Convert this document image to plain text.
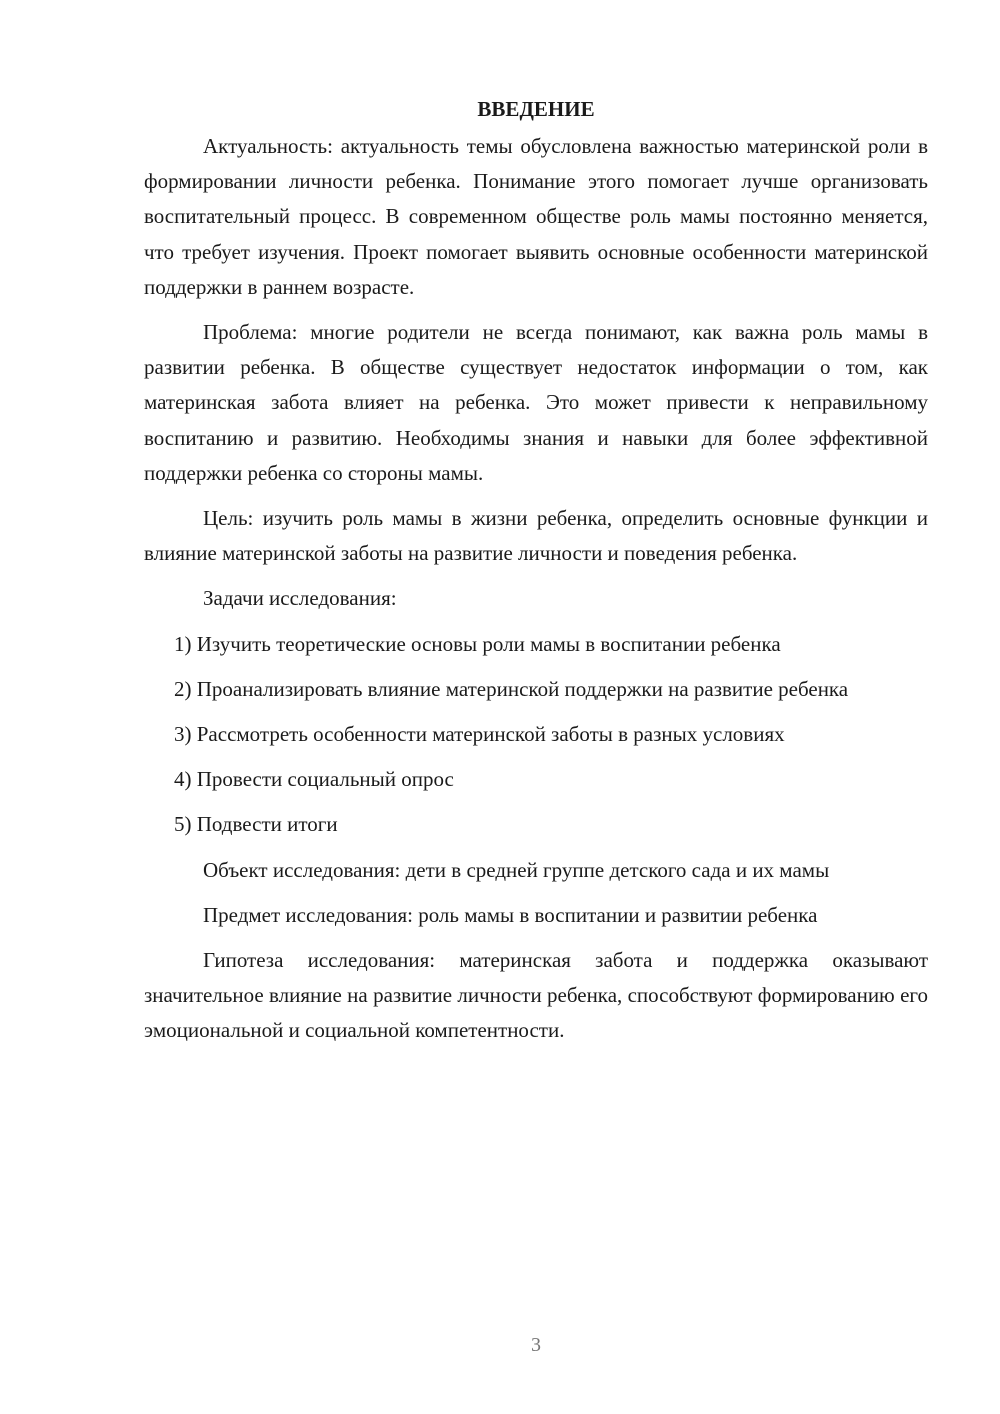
ВВЕДЕНИЕ

Актуальность: актуальность темы обусловлена важностью материнской роли в формировании личности ребенка. Понимание этого помогает лучше организовать воспитательный процесс. В современном обществе роль мамы постоянно меняется, что требует изучения. Проект помогает выявить основные особенности материнской поддержки в раннем возрасте.

Проблема: многие родители не всегда понимают, как важна роль мамы в развитии ребенка. В обществе существует недостаток информации о том, как материнская забота влияет на ребенка. Это может привести к неправильному воспитанию и развитию. Необходимы знания и навыки для более эффективной поддержки ребенка со стороны мамы.

Цель: изучить роль мамы в жизни ребенка, определить основные функции и влияние материнской заботы на развитие личности и поведения ребенка.

Задачи исследования:

1) Изучить теоретические основы роли мамы в воспитании ребенка

2) Проанализировать влияние материнской поддержки на развитие ребенка

3) Рассмотреть особенности материнской заботы в разных условиях

4) Провести социальный опрос

5) Подвести итоги

Объект исследования: дети в средней группе детского сада и их мамы

Предмет исследования: роль мамы в воспитании и развитии ребенка

Гипотеза исследования: материнская забота и поддержка оказывают значительное влияние на развитие личности ребенка, способствуют формированию его эмоциональной и социальной компетентности.

3
